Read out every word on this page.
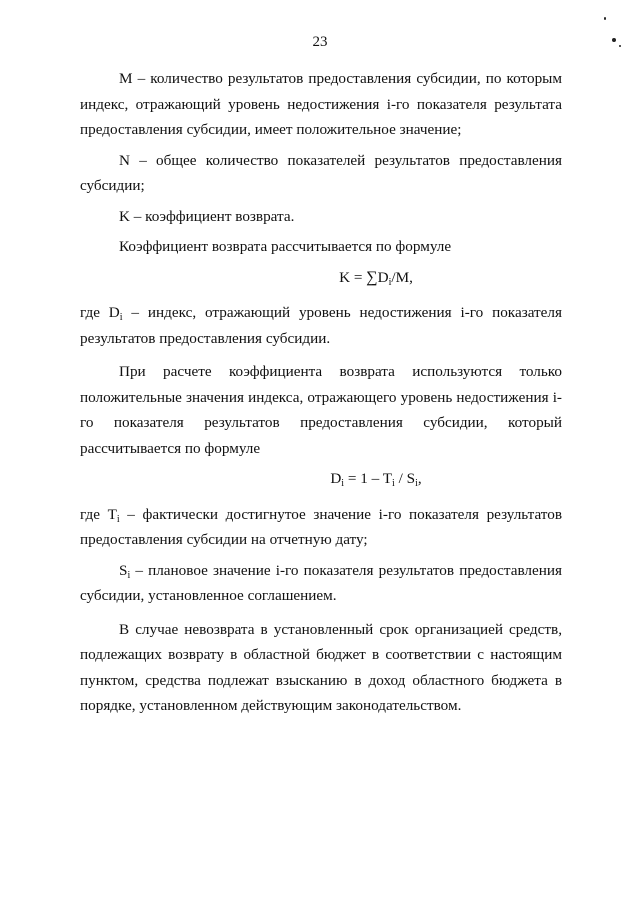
23

М – количество результатов предоставления субсидии, по которым индекс, отражающий уровень недостижения i-го показателя результата предоставления субсидии, имеет положительное значение;

N – общее количество показателей результатов предоставления субсидии;

K – коэффициент возврата.

Коэффициент возврата рассчитывается по формуле

$K = \sum D_i/M$,

где $D_i$ – индекс, отражающий уровень недостижения i-го показателя результатов предоставления субсидии.

При расчете коэффициента возврата используются только положительные значения индекса, отражающего уровень недостижения i-го показателя результатов предоставления субсидии, который рассчитывается по формуле

$D_i = 1 - T_i / S_i$,

где $T_i$ – фактически достигнутое значение i-го показателя результатов предоставления субсидии на отчетную дату;

$S_i$ – плановое значение i-го показателя результатов предоставления субсидии, установленное соглашением.

В случае невозврата в установленный срок организацией средств, подлежащих возврату в областной бюджет в соответствии с настоящим пунктом, средства подлежат взысканию в доход областного бюджета в порядке, установленном действующим законодательством.
